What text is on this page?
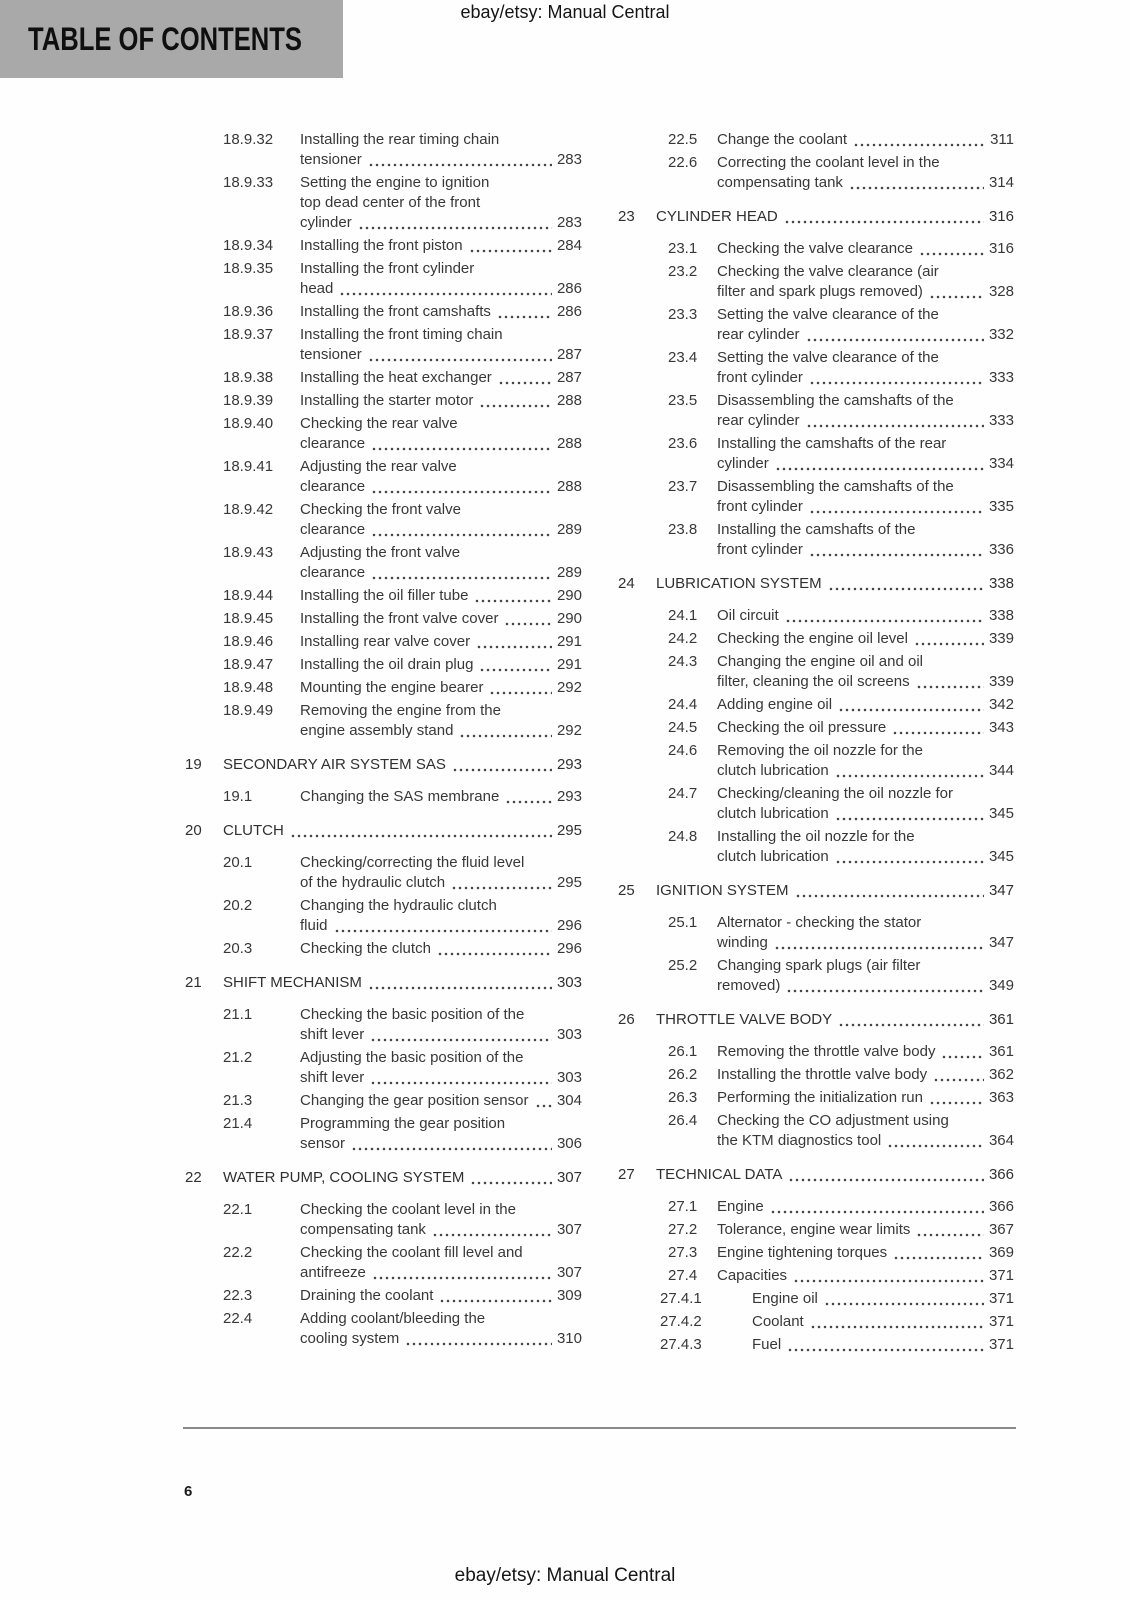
ebay/etsy: Manual Central
TABLE OF CONTENTS
18.9.32	Installing the rear timing chain
tensioner	283
18.9.33	Setting the engine to ignition
top dead center of the front
cylinder	283
18.9.34	Installing the front piston	284
18.9.35	Installing the front cylinder
head	286
18.9.36	Installing the front camshafts	286
18.9.37	Installing the front timing chain
tensioner	287
18.9.38	Installing the heat exchanger	287
18.9.39	Installing the starter motor	288
18.9.40	Checking the rear valve
clearance	288
18.9.41	Adjusting the rear valve
clearance	288
18.9.42	Checking the front valve
clearance	289
18.9.43	Adjusting the front valve
clearance	289
18.9.44	Installing the oil filler tube	290
18.9.45	Installing the front valve cover	290
18.9.46	Installing rear valve cover	291
18.9.47	Installing the oil drain plug	291
18.9.48	Mounting the engine bearer	292
18.9.49	Removing the engine from the
engine assembly stand	292
19	SECONDARY AIR SYSTEM SAS	293
19.1	Changing the SAS membrane	293
20	CLUTCH	295
20.1	Checking/correcting the fluid level
of the hydraulic clutch	295
20.2	Changing the hydraulic clutch
fluid	296
20.3	Checking the clutch	296
21	SHIFT MECHANISM	303
21.1	Checking the basic position of the
shift lever	303
21.2	Adjusting the basic position of the
shift lever	303
21.3	Changing the gear position sensor 304
21.4	Programming the gear position
sensor	306
22	WATER PUMP, COOLING SYSTEM	307
22.1	Checking the coolant level in the
compensating tank	307
22.2	Checking the coolant fill level and
antifreeze	307
22.3	Draining the coolant	309
22.4	Adding coolant/bleeding the
cooling system	310
22.5	Change the coolant	311
22.6	Correcting the coolant level in the
compensating tank	314
23	CYLINDER HEAD	316
23.1	Checking the valve clearance	316
23.2	Checking the valve clearance (air
filter and spark plugs removed)	328
23.3	Setting the valve clearance of the
rear cylinder	332
23.4	Setting the valve clearance of the
front cylinder	333
23.5	Disassembling the camshafts of the
rear cylinder	333
23.6	Installing the camshafts of the rear
cylinder	334
23.7	Disassembling the camshafts of the
front cylinder	335
23.8	Installing the camshafts of the
front cylinder	336
24	LUBRICATION SYSTEM	338
24.1	Oil circuit	338
24.2	Checking the engine oil level	339
24.3	Changing the engine oil and oil
filter, cleaning the oil screens	339
24.4	Adding engine oil	342
24.5	Checking the oil pressure	343
24.6	Removing the oil nozzle for the
clutch lubrication	344
24.7	Checking/cleaning the oil nozzle for
clutch lubrication	345
24.8	Installing the oil nozzle for the
clutch lubrication	345
25	IGNITION SYSTEM	347
25.1	Alternator - checking the stator
winding	347
25.2	Changing spark plugs (air filter
removed)	349
26	THROTTLE VALVE BODY	361
26.1	Removing the throttle valve body	361
26.2	Installing the throttle valve body	362
26.3	Performing the initialization run	363
26.4	Checking the CO adjustment using
the KTM diagnostics tool	364
27	TECHNICAL DATA	366
27.1	Engine	366
27.2	Tolerance, engine wear limits	367
27.3	Engine tightening torques	369
27.4	Capacities	371
27.4.1	Engine oil	371
27.4.2	Coolant	371
27.4.3	Fuel	371
6
ebay/etsy: Manual Central
